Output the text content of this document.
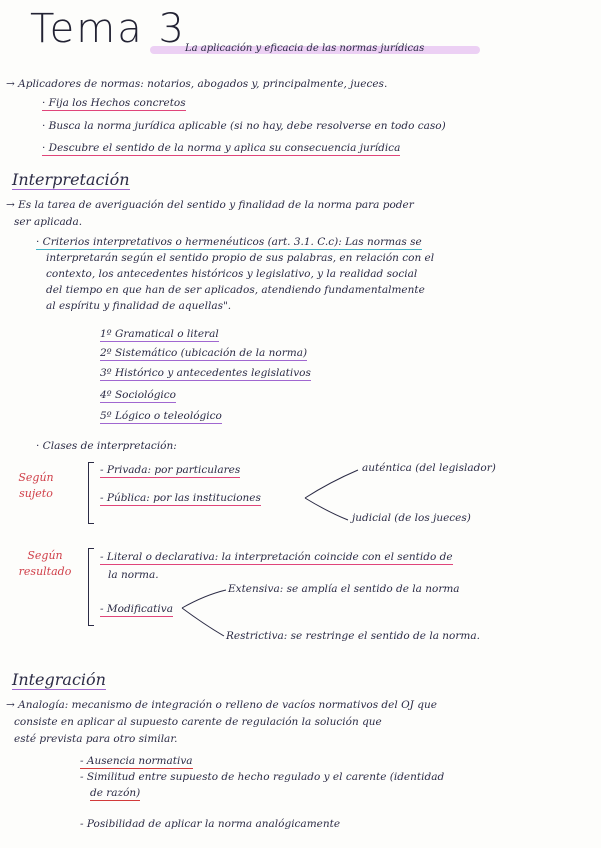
Tema 3 La aplicación y eficacia de las normas jurídicas
→ Aplicadores de normas: notarios, abogados y, principalmente, jueces.
· Fija los Hechos concretos
· Busca la norma jurídica aplicable (si no hay, debe resolverse en todo caso)
· Descubre el sentido de la norma y aplica su consecuencia jurídica
Interpretación
→ Es la tarea de averiguación del sentido y finalidad de la norma para poder
ser aplicada.
· Criterios interpretativos o hermenéuticos (art. 3.1. C.c): Las normas se
interpretarán según el sentido propio de sus palabras, en relación con el
contexto, los antecedentes históricos y legislativo, y la realidad social
del tiempo en que han de ser aplicados, atendiendo fundamentalmente
al espíritu y finalidad de aquellas".
1º Gramatical o literal
2º Sistemático (ubicación de la norma)
3º Histórico y antecedentes legislativos
4º Sociológico
5º Lógico o teleológico
· Clases de interpretación:
Según sujeto
- Privada: por particulares
- Pública: por las instituciones
auténtica (del legislador)
judicial (de los jueces)
Según resultado
- Literal o declarativa: la interpretación coincide con el sentido de
la norma.
- Modificativa
Extensiva: se amplía el sentido de la norma
Restrictiva: se restringe el sentido de la norma.
Integración
→ Analogía: mecanismo de integración o relleno de vacíos normativos del OJ que
consiste en aplicar al supuesto carente de regulación la solución que
esté prevista para otro similar.
- Ausencia normativa
- Similitud entre supuesto de hecho regulado y el carente (identidad
de razón)
- Posibilidad de aplicar la norma analógicamente
